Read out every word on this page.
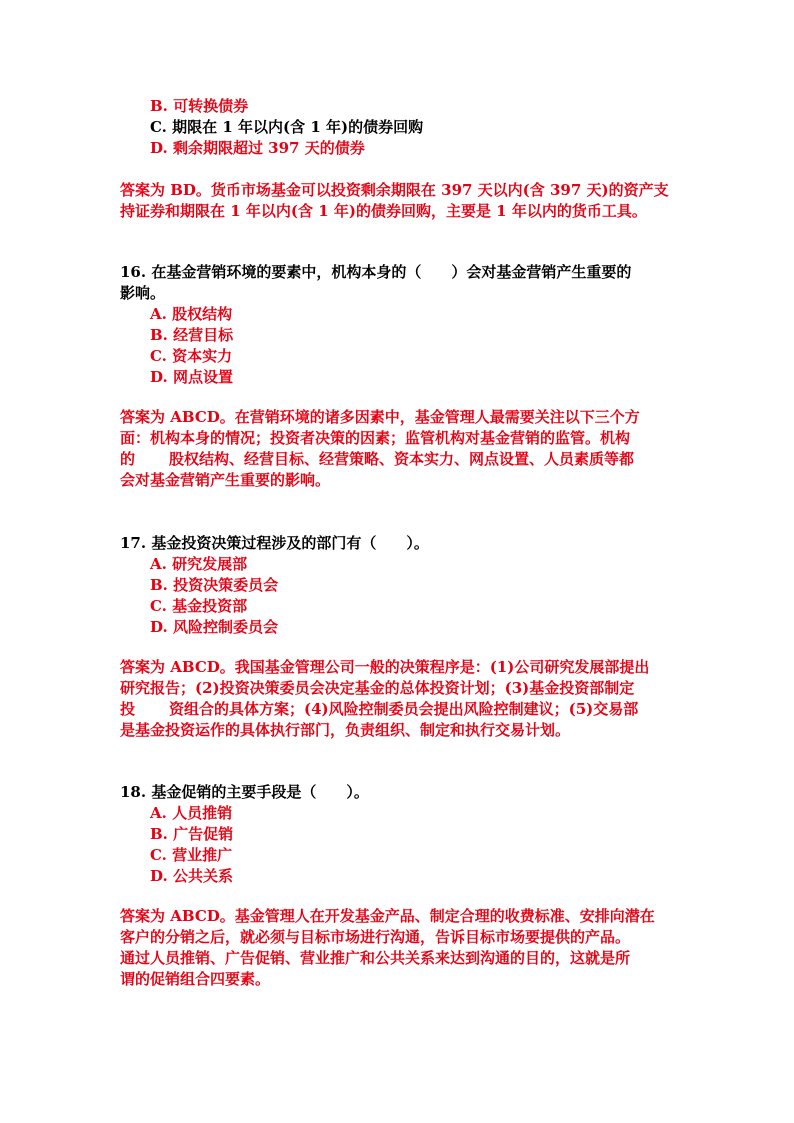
B. 可转换债券
C. 期限在 1 年以内(含 1 年)的债券回购
D. 剩余期限超过 397 天的债券
答案为 BD。货币市场基金可以投资剩余期限在 397 天以内(含 397 天)的资产支
持证券和期限在 1 年以内(含 1 年)的债券回购，主要是 1 年以内的货币工具。
16. 在基金营销环境的要素中，机构本身的（　　）会对基金营销产生重要的
影响。
A. 股权结构
B. 经营目标
C. 资本实力
D. 网点设置
答案为 ABCD。在营销环境的诸多因素中，基金管理人最需要关注以下三个方
面：机构本身的情况；投资者决策的因素；监管机构对基金营销的监管。机构
的 股权结构、经营目标、经营策略、资本实力、网点设置、人员素质等都
会对基金营销产生重要的影响。
17. 基金投资决策过程涉及的部门有（　　）。
A. 研究发展部
B. 投资决策委员会
C. 基金投资部
D. 风险控制委员会
答案为 ABCD。我国基金管理公司一般的决策程序是：(1)公司研究发展部提出
研究报告；(2)投资决策委员会决定基金的总体投资计划；(3)基金投资部制定
投 资组合的具体方案；(4)风险控制委员会提出风险控制建议；(5)交易部
是基金投资运作的具体执行部门，负责组织、制定和执行交易计划。
18. 基金促销的主要手段是（　　）。
A. 人员推销
B. 广告促销
C. 营业推广
D. 公共关系
答案为 ABCD。基金管理人在开发基金产品、制定合理的收费标准、安排向潜在
客户的分销之后，就必须与目标市场进行沟通，告诉目标市场要提供的产品。
通过人员推销、广告促销、营业推广和公共关系来达到沟通的目的，这就是所
谓的促销组合四要素。
